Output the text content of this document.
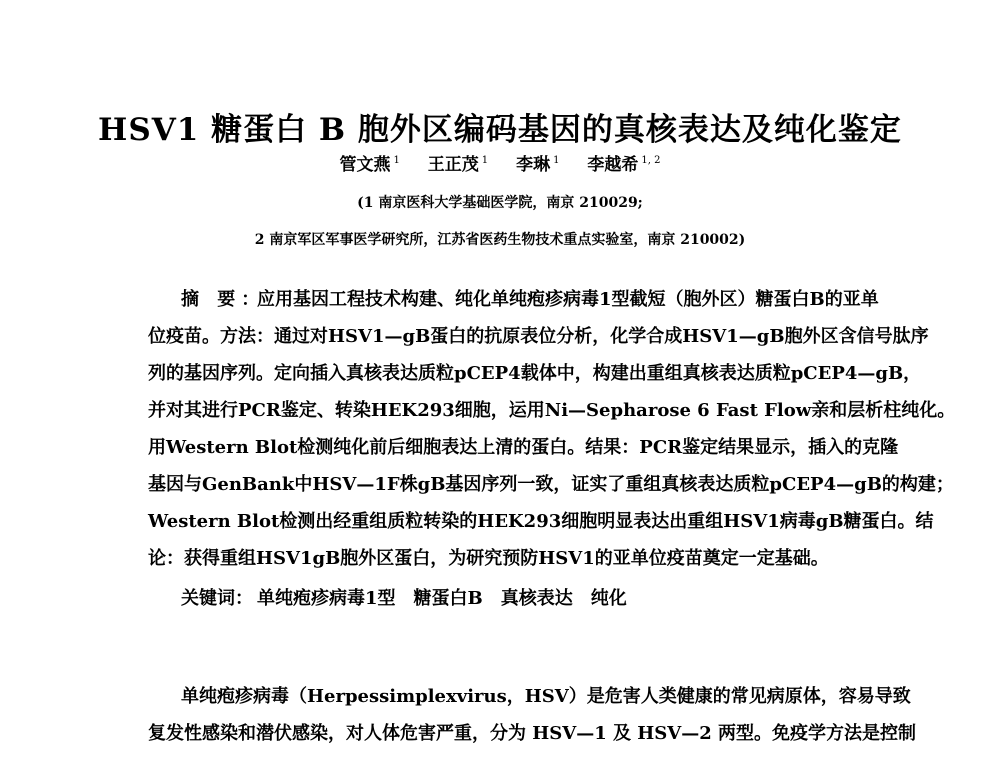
HSV1 糖蛋白 B 胞外区编码基因的真核表达及纯化鉴定
管文燕 $^1$ 王正茂 $^1$ 李琳 $^1$ 李越希 $^{1, 2}$
(1 南京医科大学基础医学院，南京 210029;
2 南京军区军事医学研究所，江苏省医药生物技术重点实验室，南京 210002)
摘 要：
应用基因工程技术构建、纯化单纯疱疹病毒1型截短（胞外区）糖蛋白B的亚单
位疫苗。方法：通过对HSV1—gB蛋白的抗原表位分析，化学合成HSV1—gB胞外区含信号肽序
列的基因序列。定向插入真核表达质粒pCEP4载体中，构建出重组真核表达质粒pCEP4—gB，
并对其进行PCR鉴定、转染HEK293细胞，运用Ni—Sepharose 6 Fast Flow亲和层析柱纯化。
用Western Blot检测纯化前后细胞表达上清的蛋白。结果：PCR鉴定结果显示，插入的克隆
基因与GenBank中HSV—1F株gB基因序列一致，证实了重组真核表达质粒pCEP4—gB的构建；
Western Blot检测出经重组质粒转染的HEK293细胞明显表达出重组HSV1病毒gB糖蛋白。结
论：获得重组HSV1gB胞外区蛋白，为研究预防HSV1的亚单位疫苗奠定一定基础。
关键词： 单纯疱疹病毒1型　糖蛋白B　真核表达　纯化
单纯疱疹病毒（Herpessimplexvirus，HSV）是危害人类健康的常见病原体，容易导致
复发性感染和潜伏感染，对人体危害严重，分为 HSV—1 及 HSV—2 两型。免疫学方法是控制
